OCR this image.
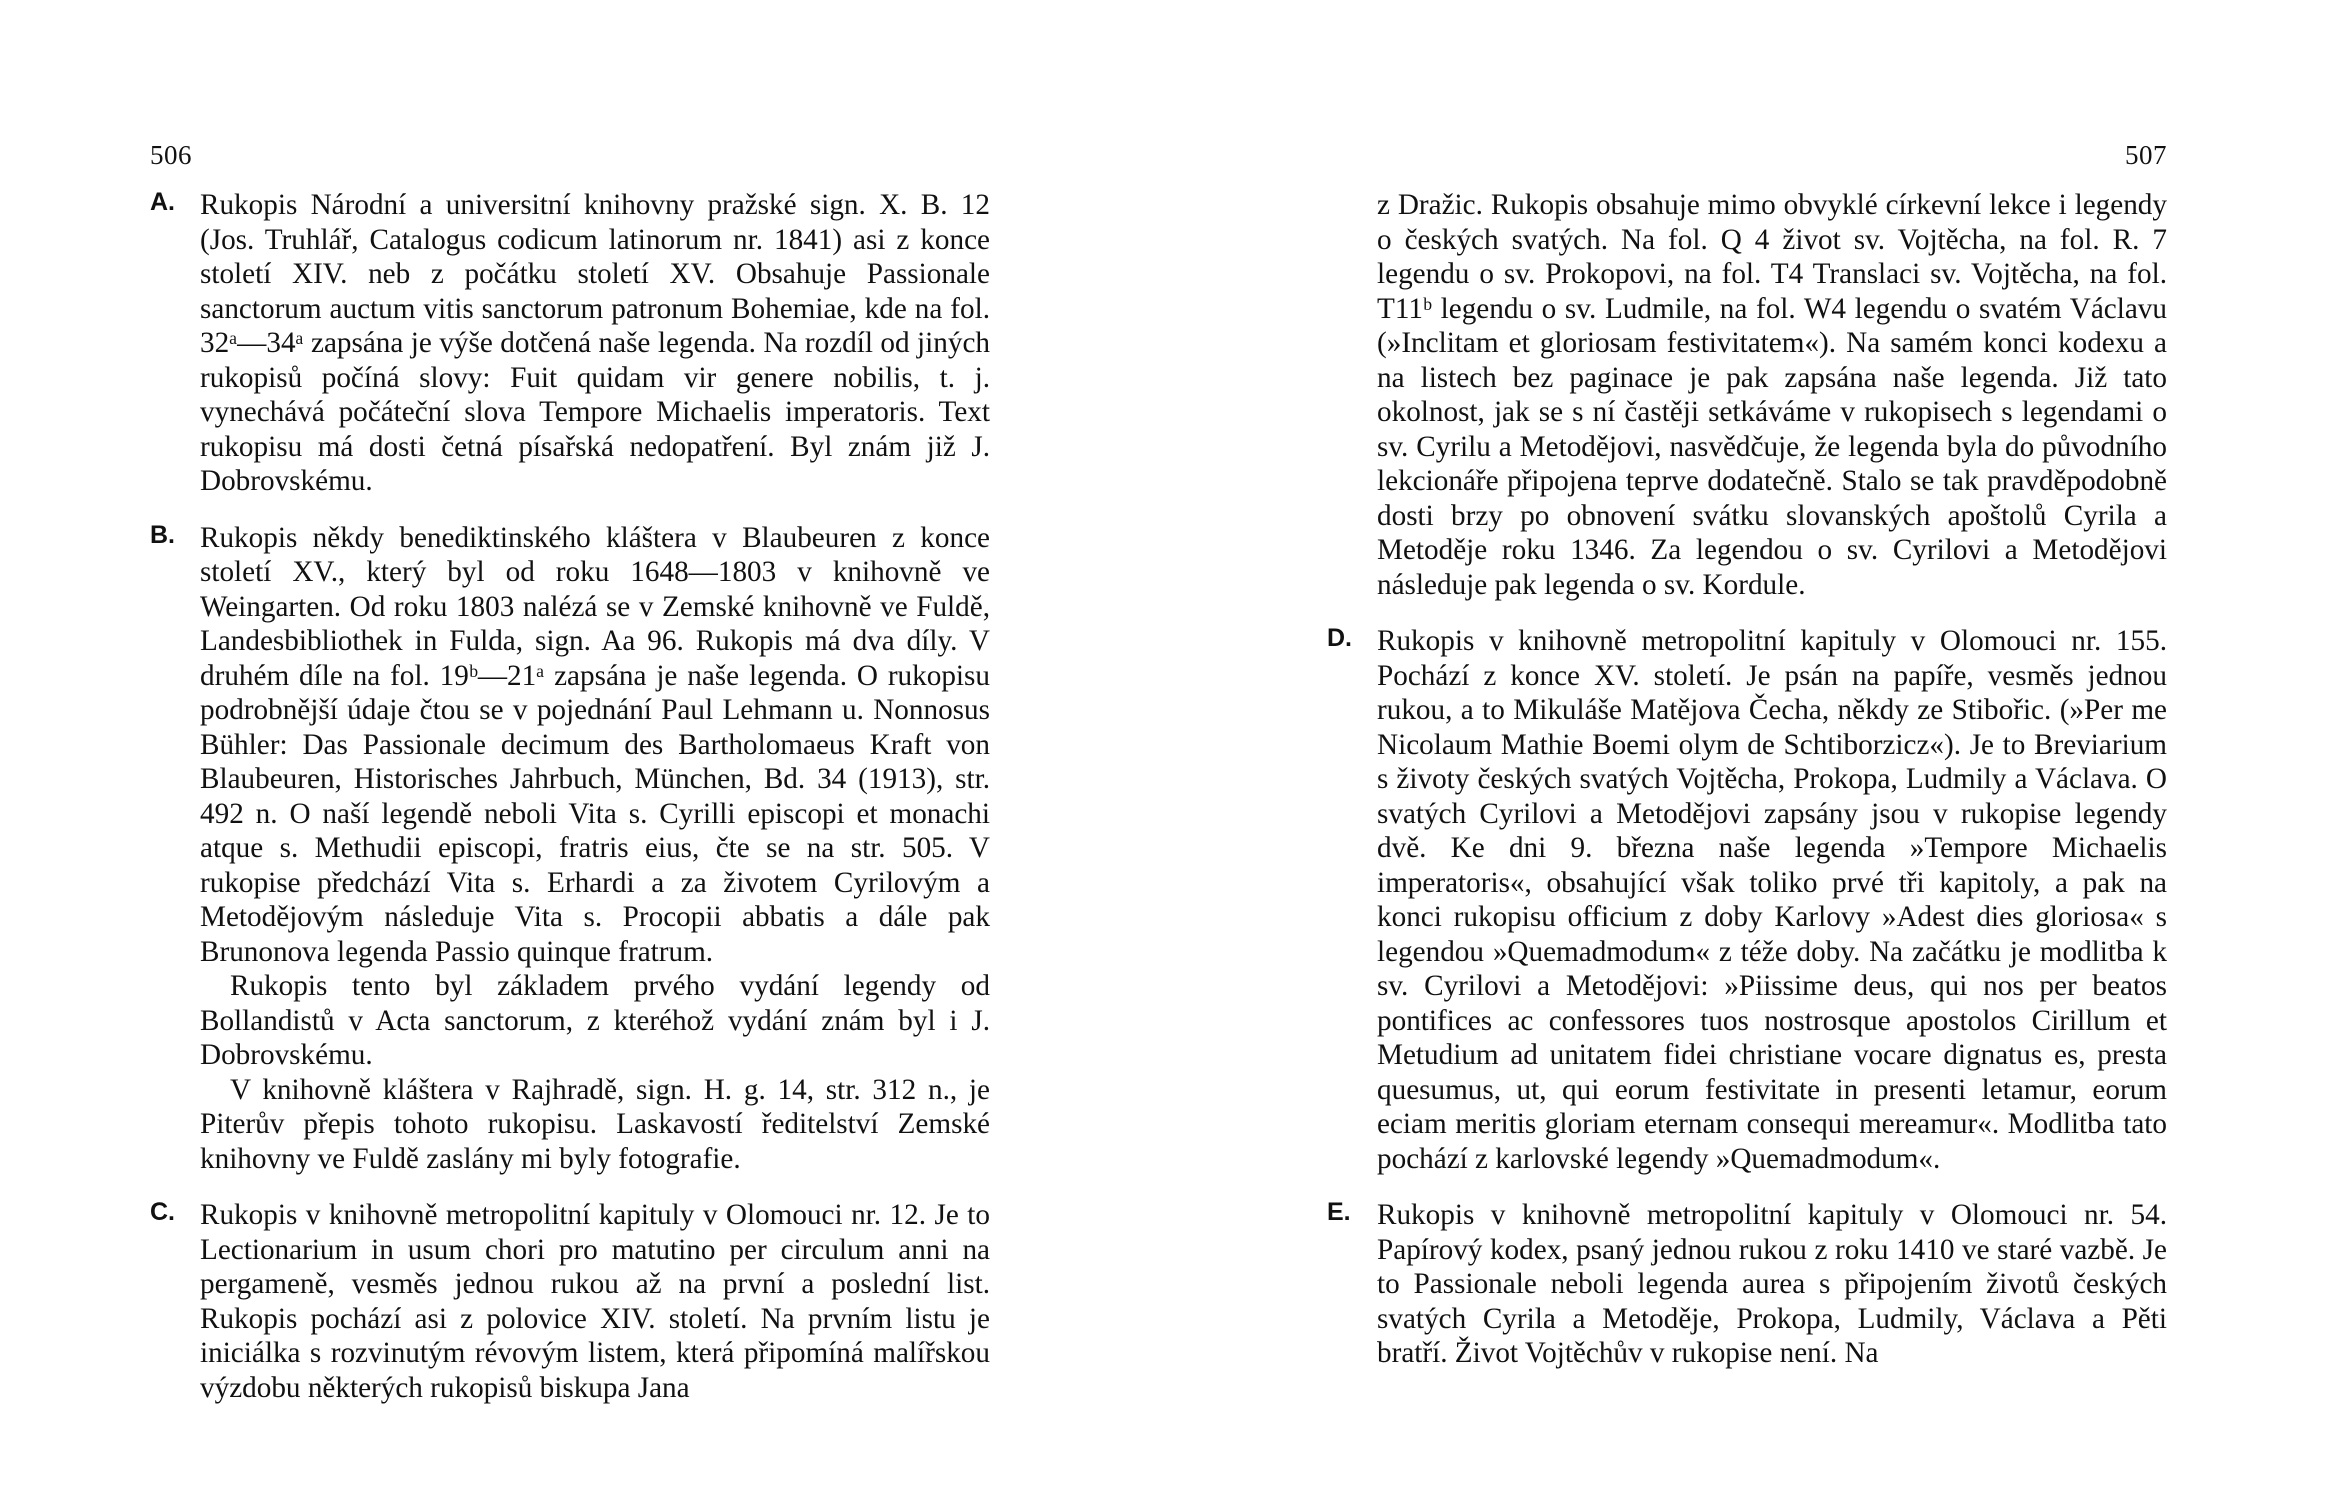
506
A. Rukopis Národní a universitní knihovny pražské sign. X. B. 12 (Jos. Truhlář, Catalogus codicum latinorum nr. 1841) asi z konce století XIV. neb z počátku století XV. Obsahuje Passionale sanctorum auctum vitis sanctorum patronum Bohemiae, kde na fol. 32ᵃ—34ᵃ zapsána je výše dotčená naše legenda. Na rozdíl od jiných rukopisů počíná slovy: Fuit quidam vir genere nobilis, t. j. vynechává počáteční slova Tempore Michaelis imperatoris. Text rukopisu má dosti četná písařská nedopatření. Byl znám již J. Dobrovskému.
B. Rukopis někdy benediktinského kláštera v Blaubeuren z konce století XV., který byl od roku 1648—1803 v knihovně ve Weingarten. Od roku 1803 nalézá se v Zemské knihovně ve Fuldě, Landesbibliothek in Fulda, sign. Aa 96. Rukopis má dva díly. V druhém díle na fol. 19ᵇ—21ᵃ zapsána je naše legenda. O rukopisu podrobnější údaje čtou se v pojednání Paul Lehmann u. Nonnosus Bühler: Das Passionale decimum des Bartholomaeus Kraft von Blaubeuren, Historisches Jahrbuch, München, Bd. 34 (1913), str. 492 n. O naší legendě neboli Vita s. Cyrilli episcopi et monachi atque s. Methudii episcopi, fratris eius, čte se na str. 505. V rukopise předchází Vita s. Erhardi a za životem Cyrilovým a Metodějovým následuje Vita s. Procopii abbatis a dále pak Brunonova legenda Passio quinque fratrum.
Rukopis tento byl základem prvého vydání legendy od Bollandistů v Acta sanctorum, z kteréhož vydání znám byl i J. Dobrovskému.
V knihovně kláštera v Rajhradě, sign. H. g. 14, str. 312 n., je Piterův přepis tohoto rukopisu. Laskavostí ředitelství Zemské knihovny ve Fuldě zaslány mi byly fotografie.
C. Rukopis v knihovně metropolitní kapituly v Olomouci nr. 12. Je to Lectionarium in usum chori pro matutino per circulum anni na pergameně, vesměs jednou rukou až na první a poslední list. Rukopis pochází asi z polovice XIV. století. Na prvním listu je iniciálka s rozvinutým révovým listem, která připomíná malířskou výzdobu některých rukopisů biskupa Jana
507
z Dražic. Rukopis obsahuje mimo obvyklé církevní lekce i legendy o českých svatých. Na fol. Q 4 život sv. Vojtěcha, na fol. R. 7 legendu o sv. Prokopovi, na fol. T4 Translaci sv. Vojtěcha, na fol. T11ᵇ legendu o sv. Ludmile, na fol. W4 legendu o svatém Václavu (»Inclitam et gloriosam festivitatem«). Na samém konci kodexu a na listech bez paginace je pak zapsána naše legenda. Již tato okolnost, jak se s ní častěji setkáváme v rukopisech s legendami o sv. Cyrilu a Metodějovi, nasvědčuje, že legenda byla do původního lekcionáře připojena teprve dodatečně. Stalo se tak pravděpodobně dosti brzy po obnovení svátku slovanských apoštolů Cyrila a Metoděje roku 1346. Za legendou o sv. Cyrilovi a Metodějovi následuje pak legenda o sv. Kordule.
D. Rukopis v knihovně metropolitní kapituly v Olomouci nr. 155. Pochází z konce XV. století. Je psán na papíře, vesměs jednou rukou, a to Mikuláše Matějova Čecha, někdy ze Stibořic. (»Per me Nicolaum Mathie Boemi olym de Schtiborzicz«). Je to Breviarium s životy českých svatých Vojtěcha, Prokopa, Ludmily a Václava. O svatých Cyrilovi a Metodějovi zapsány jsou v rukopise legendy dvě. Ke dni 9. března naše legenda »Tempore Michaelis imperatoris«, obsahující však toliko prvé tři kapitoly, a pak na konci rukopisu officium z doby Karlovy »Adest dies gloriosa« s legendou »Quemadmodum« z téže doby. Na začátku je modlitba k sv. Cyrilovi a Metodějovi: »Piissime deus, qui nos per beatos pontifices ac confessores tuos nostrosque apostolos Cirillum et Metudium ad unitatem fidei christiane vocare dignatus es, presta quesumus, ut, qui eorum festivitate in presenti letamur, eorum eciam meritis gloriam eternam consequi mereamur«. Modlitba tato pochází z karlovské legendy »Quemadmodum«.
E. Rukopis v knihovně metropolitní kapituly v Olomouci nr. 54. Papírový kodex, psaný jednou rukou z roku 1410 ve staré vazbě. Je to Passionale neboli legenda aurea s připojením životů českých svatých Cyrila a Metoděje, Prokopa, Ludmily, Václava a Pěti bratří. Život Vojtěchův v rukopise není. Na
